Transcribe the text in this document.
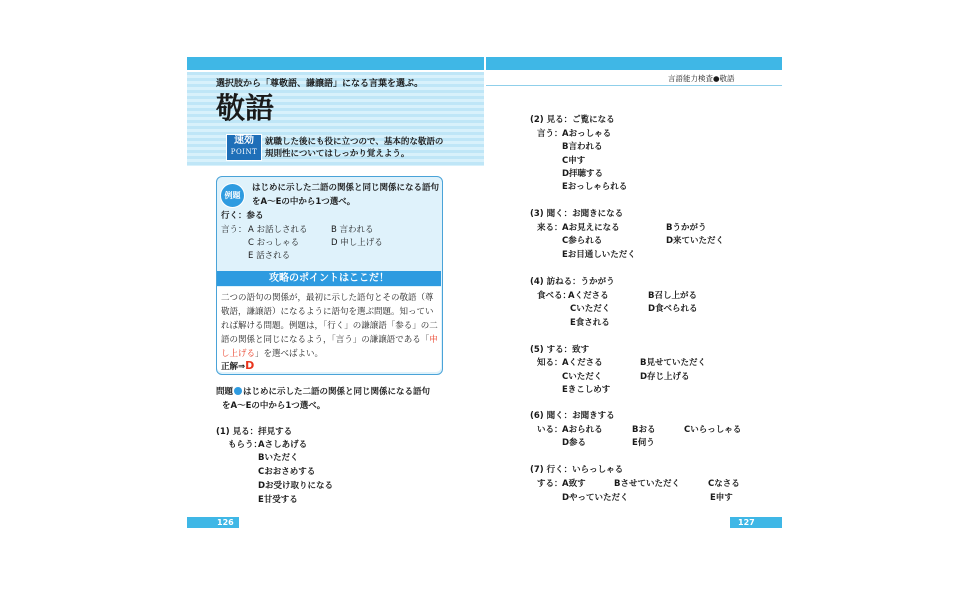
選択肢から「尊敬語、謙譲語」になる言葉を選ぶ。
敬語
速効
POINT
就職した後にも役に立つので、基本的な敬語の
規則性についてはしっかり覚えよう。
例題
はじめに示した二語の関係と同じ関係になる語句
をA～Eの中から1つ選べ。
行く：参る
言う： A お話しされる	B 言われる
C おっしゃる	D 申し上げる
E 話される
攻略のポイントはここだ！
二つの語句の関係が，最初に示した語句とその敬語（尊
敬語，謙譲語）になるように語句を選ぶ問題。知ってい
れば解ける問題。例題は，「行く」の謙譲語「参る」の二
語の関係と同じになるよう，「言う」の謙譲語である「申
し上げる」を選べばよい。
正解⇒D
問題 はじめに示した二語の関係と同じ関係になる語句
をA～Eの中から1つ選べ。
(1) 見る：拝見する
もらう：
Aさしあげる
Bいただく
Cおおさめする
Dお受け取りになる
E甘受する
126
言語能力検査●敬語
(2) 見る：ご覧になる
言う： Aおっしゃる
B言われる
C申す
D拝聴する
Eおっしゃられる
(3) 聞く：お聞きになる
来る： Aお見えになる	Bうかがう
C参られる	D来ていただく
Eお目通しいただく
(4) 訪ねる：うかがう
食べる：
Aくださる	B召し上がる
Cいただく	D食べられる
E食される
(5) する：致す
知る： Aくださる	B見せていただく
Cいただく	D存じ上げる
Eきこしめす
(6) 聞く：お聞きする
いる： Aおられる	Bおる	Cいらっしゃる
D参る	E伺う
(7) 行く：いらっしゃる
する： A致す	Bさせていただく	Cなさる
Dやっていただく	E申す
127
